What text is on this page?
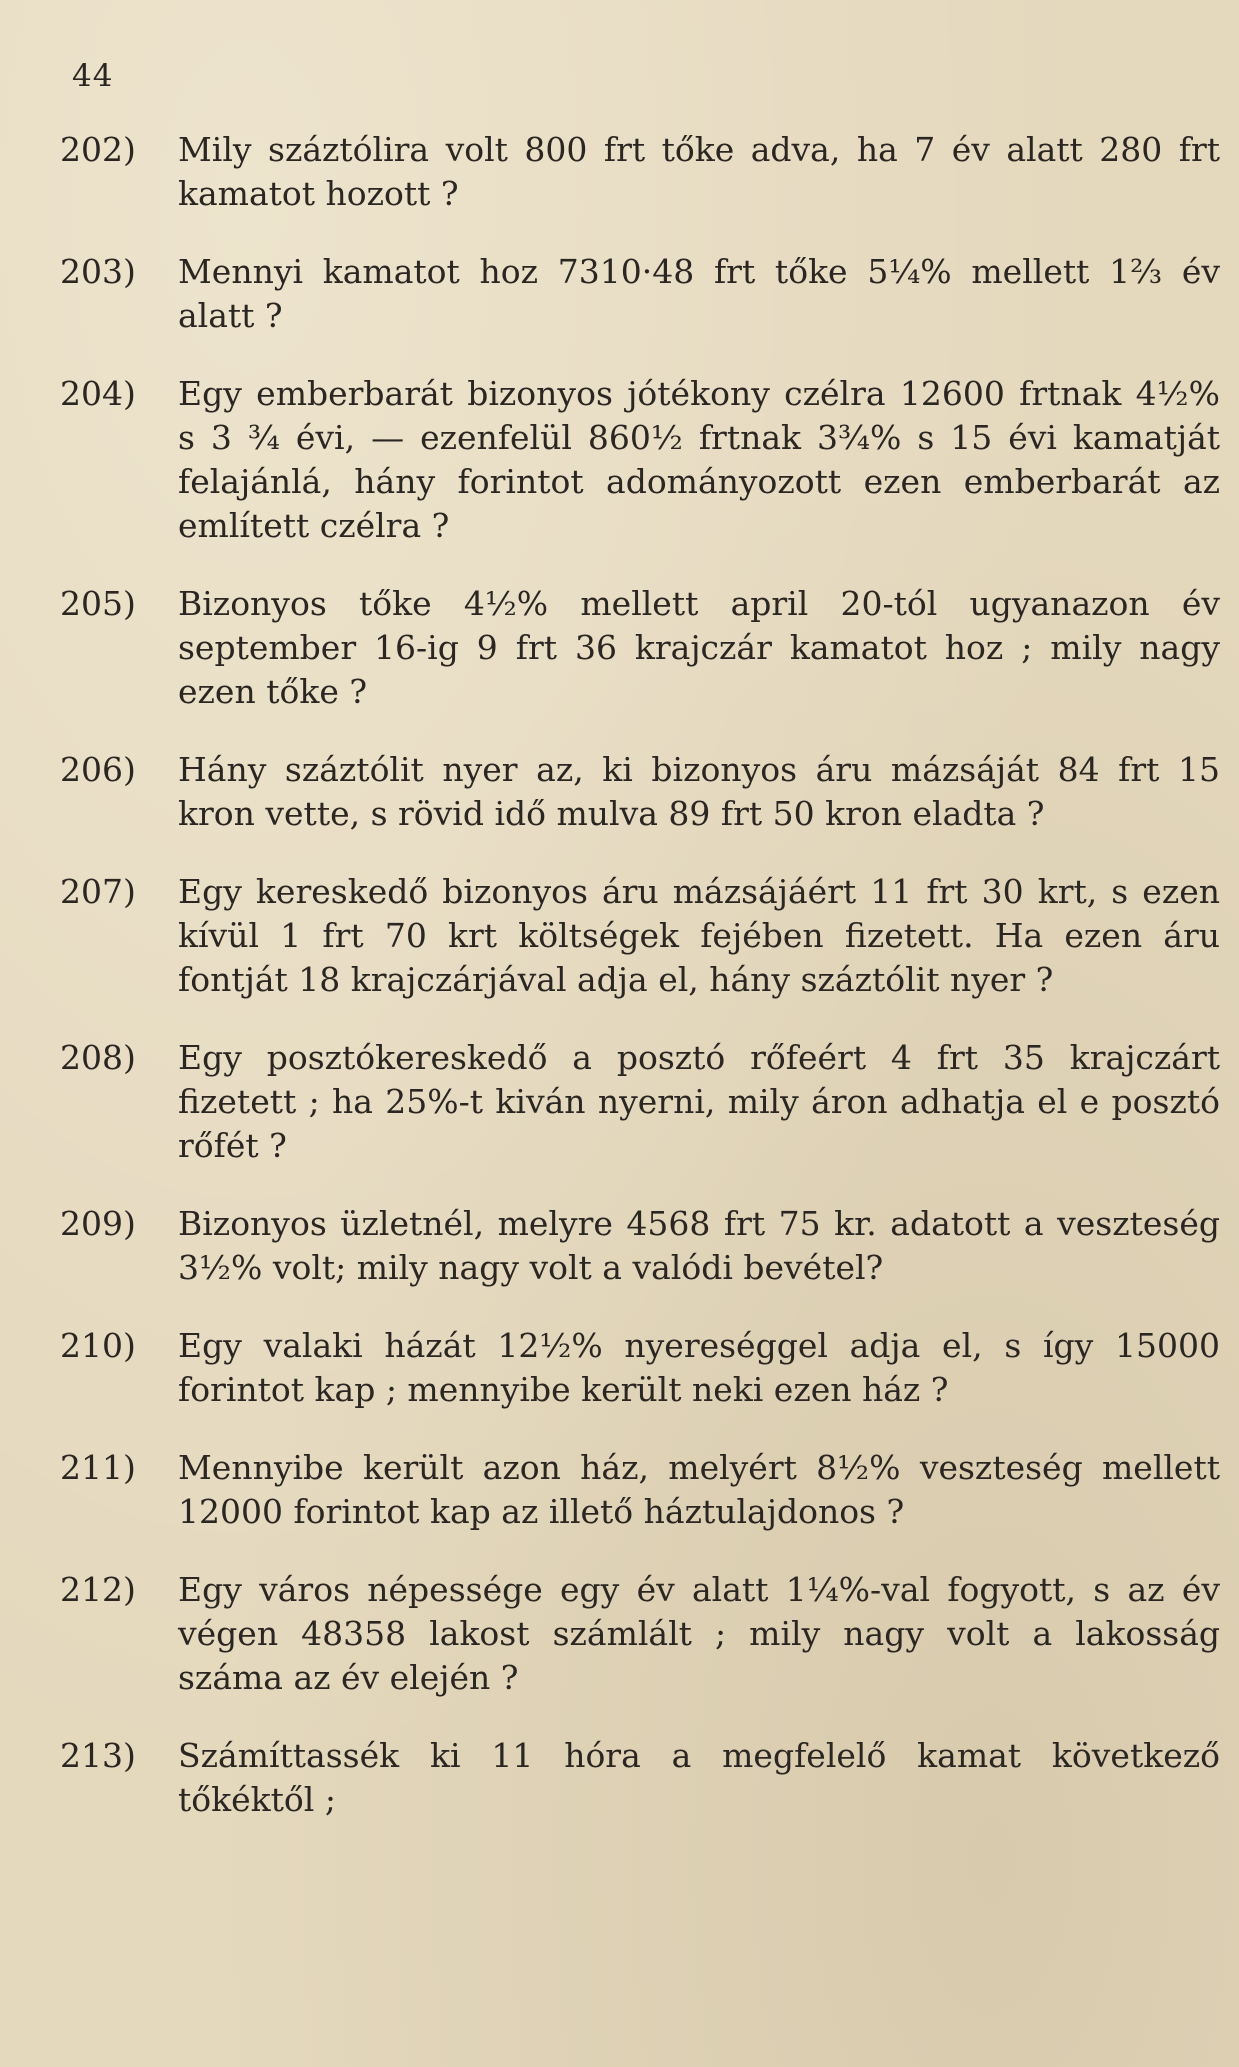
44
202)	Mily száztólira volt 800 frt tőke adva, ha 7 év alatt 280 frt kamatot hozott ?
203)	Mennyi kamatot hoz 7310·48 frt tőke 5¼% mellett 1⅔ év alatt ?
204)	Egy emberbarát bizonyos jótékony czélra 12600 frtnak 4½% s 3 ¾ évi, — ezenfelül 860½ frtnak 3¾% s 15 évi kamatját felajánlá, hány forintot adományozott ezen emberbarát az említett czélra ?
205)	Bizonyos tőke 4½% mellett april 20-tól ugyanazon év september 16-ig 9 frt 36 krajczár kamatot hoz ; mily nagy ezen tőke ?
206)	Hány száztólit nyer az, ki bizonyos áru mázsáját 84 frt 15 kron vette, s rövid idő mulva 89 frt 50 kron eladta ?
207)	Egy kereskedő bizonyos áru mázsájáért 11 frt 30 krt, s ezen kívül 1 frt 70 krt költségek fejében fizetett. Ha ezen áru fontját 18 krajczárjával adja el, hány száztólit nyer ?
208)	Egy posztókereskedő a posztó rőfeért 4 frt 35 krajczárt fizetett ; ha 25%-t kiván nyerni, mily áron adhatja el e posztó rőfét ?
209)	Bizonyos üzletnél, melyre 4568 frt 75 kr. adatott a veszteség 3½% volt; mily nagy volt a valódi bevétel?
210)	Egy valaki házát 12½% nyereséggel adja el, s így 15000 forintot kap ; mennyibe került neki ezen ház ?
211)	Mennyibe került azon ház, melyért 8½% veszteség mellett 12000 forintot kap az illető háztulajdonos ?
212)	Egy város népessége egy év alatt 1¼%-val fogyott, s az év végen 48358 lakost számlált ; mily nagy volt a lakosság száma az év elején ?
213)	Számíttassék ki 11 hóra a megfelelő kamat következő tőkéktől ;
